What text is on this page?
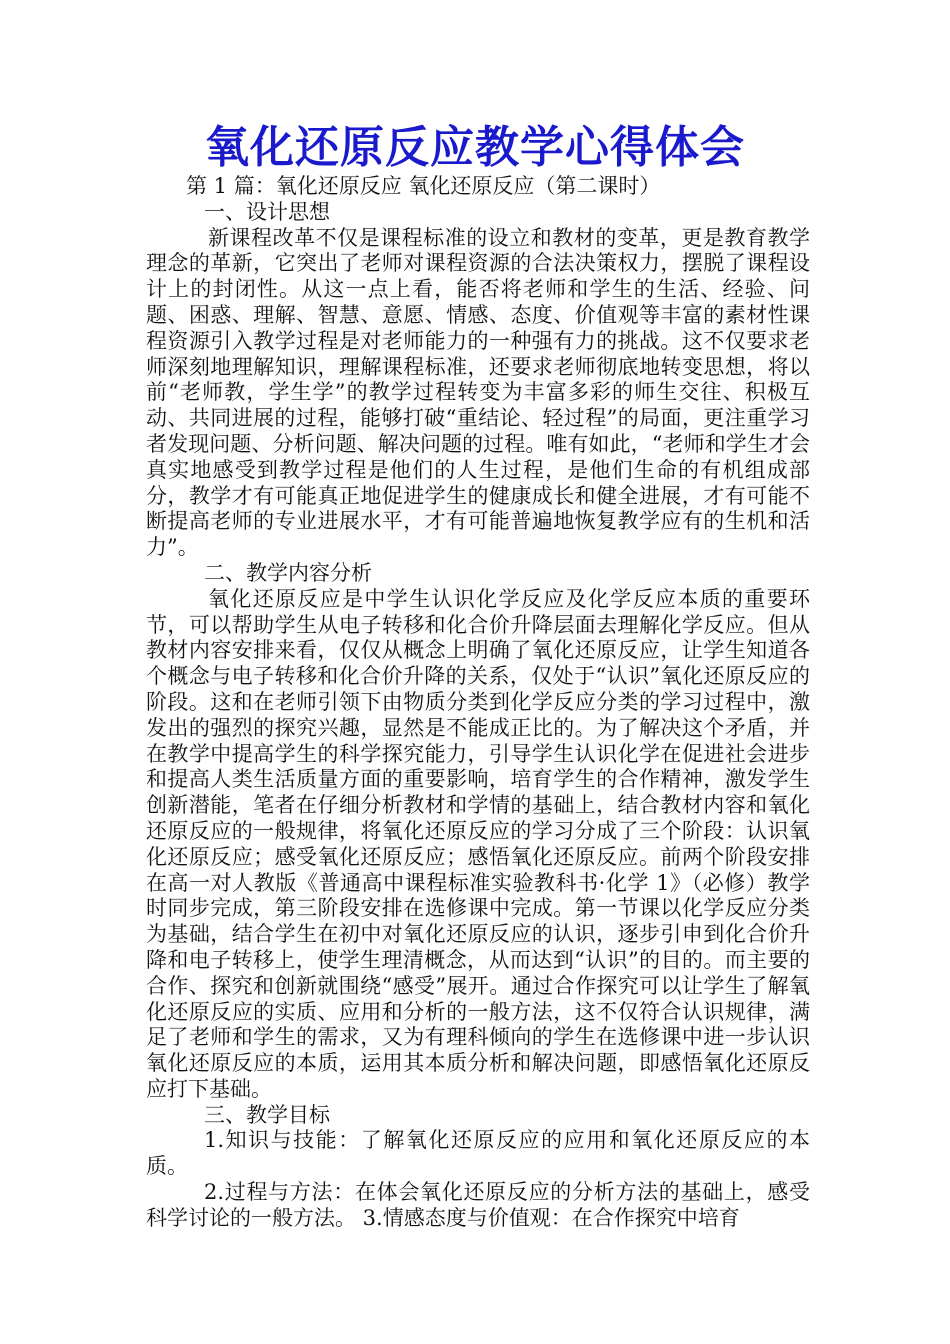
氧化还原反应教学心得体会

第 1 篇：氧化还原反应 氧化还原反应（第二课时）

一、设计思想

新课程改革不仅是课程标准的设立和教材的变革，更是教育教学理念的革新，它突出了老师对课程资源的合法决策权力，摆脱了课程设计上的封闭性。从这一点上看，能否将老师和学生的生活、经验、问题、困惑、理解、智慧、意愿、情感、态度、价值观等丰富的素材性课程资源引入教学过程是对老师能力的一种强有力的挑战。这不仅要求老师深刻地理解知识，理解课程标准，还要求老师彻底地转变思想，将以前“老师教，学生学”的教学过程转变为丰富多彩的师生交往、积极互动、共同进展的过程，能够打破“重结论、轻过程”的局面，更注重学习者发现问题、分析问题、解决问题的过程。唯有如此，“老师和学生才会真实地感受到教学过程是他们的人生过程，是他们生命的有机组成部分，教学才有可能真正地促进学生的健康成长和健全进展，才有可能不断提高老师的专业进展水平，才有可能普遍地恢复教学应有的生机和活力”。

二、教学内容分析

氧化还原反应是中学生认识化学反应及化学反应本质的重要环节，可以帮助学生从电子转移和化合价升降层面去理解化学反应。但从教材内容安排来看，仅仅从概念上明确了氧化还原反应，让学生知道各个概念与电子转移和化合价升降的关系，仅处于“认识”氧化还原反应的阶段。这和在老师引领下由物质分类到化学反应分类的学习过程中，激发出的强烈的探究兴趣，显然是不能成正比的。为了解决这个矛盾，并在教学中提高学生的科学探究能力，引导学生认识化学在促进社会进步和提高人类生活质量方面的重要影响，培育学生的合作精神，激发学生创新潜能，笔者在仔细分析教材和学情的基础上，结合教材内容和氧化还原反应的一般规律，将氧化还原反应的学习分成了三个阶段：认识氧化还原反应；感受氧化还原反应；感悟氧化还原反应。前两个阶段安排在高一对人教版《普通高中课程标准实验教科书·化学 1》（必修）教学时同步完成，第三阶段安排在选修课中完成。第一节课以化学反应分类为基础，结合学生在初中对氧化还原反应的认识，逐步引申到化合价升降和电子转移上，使学生理清概念，从而达到“认识”的目的。而主要的合作、探究和创新就围绕“感受”展开。通过合作探究可以让学生了解氧化还原反应的实质、应用和分析的一般方法，这不仅符合认识规律，满足了老师和学生的需求，又为有理科倾向的学生在选修课中进一步认识氧化还原反应的本质，运用其本质分析和解决问题，即感悟氧化还原反应打下基础。

三、教学目标

1.知识与技能：了解氧化还原反应的应用和氧化还原反应的本质。

2.过程与方法：在体会氧化还原反应的分析方法的基础上，感受科学讨论的一般方法。 3.情感态度与价值观：在合作探究中培育
